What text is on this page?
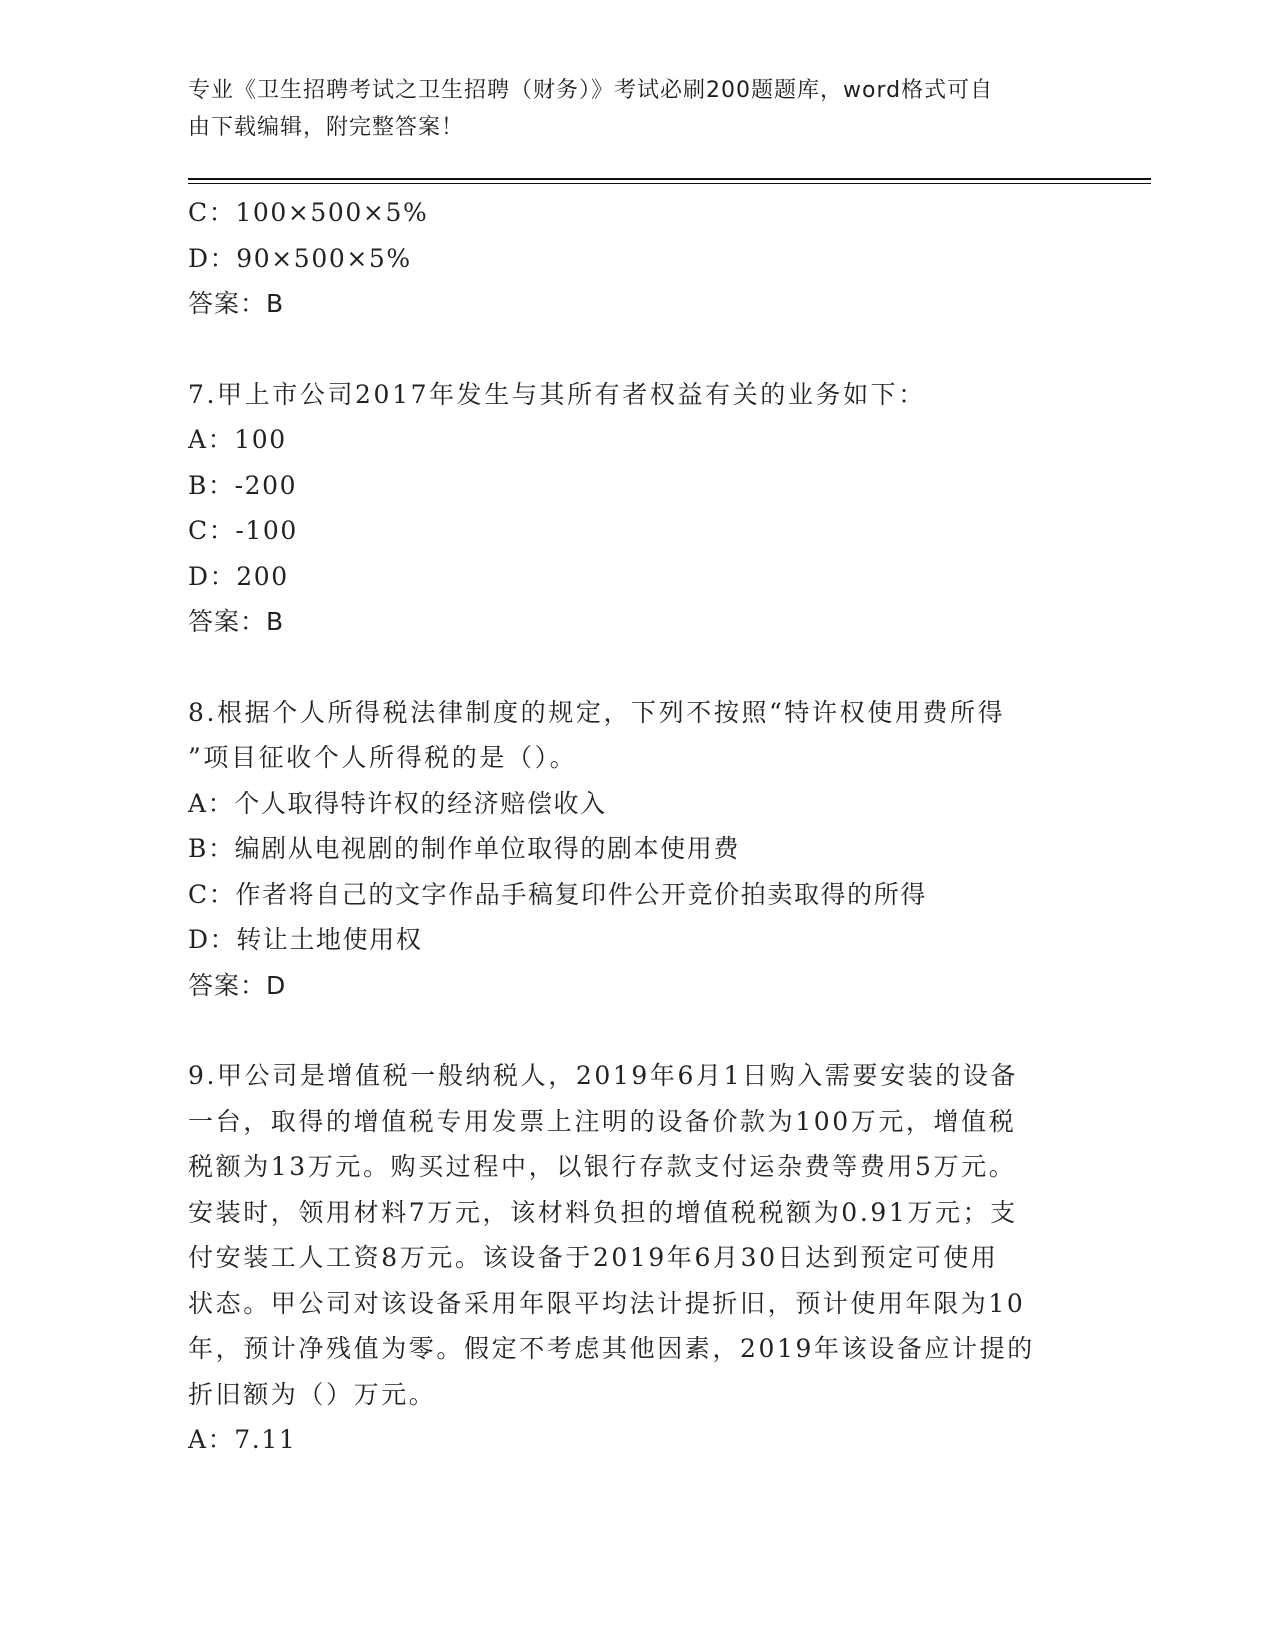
专业《卫生招聘考试之卫生招聘（财务）》考试必刷200题题库，word格式可自
由下载编辑，附完整答案！
C：100×500×5%
D：90×500×5%
答案：B
7.甲上市公司2017年发生与其所有者权益有关的业务如下：
A：100
B：-200
C：-100
D：200
答案：B
8.根据个人所得税法律制度的规定，下列不按照“特许权使用费所得
”项目征收个人所得税的是（）。
A：个人取得特许权的经济赔偿收入
B：编剧从电视剧的制作单位取得的剧本使用费
C：作者将自己的文字作品手稿复印件公开竞价拍卖取得的所得
D：转让土地使用权
答案：D
9.甲公司是增值税一般纳税人，2019年6月1日购入需要安装的设备
一台，取得的增值税专用发票上注明的设备价款为100万元，增值税
税额为13万元。购买过程中，以银行存款支付运杂费等费用5万元。
安装时，领用材料7万元，该材料负担的增值税税额为0.91万元；支
付安装工人工资8万元。该设备于2019年6月30日达到预定可使用
状态。甲公司对该设备采用年限平均法计提折旧，预计使用年限为10
年，预计净残值为零。假定不考虑其他因素，2019年该设备应计提的
折旧额为（）万元。
A：7.11
